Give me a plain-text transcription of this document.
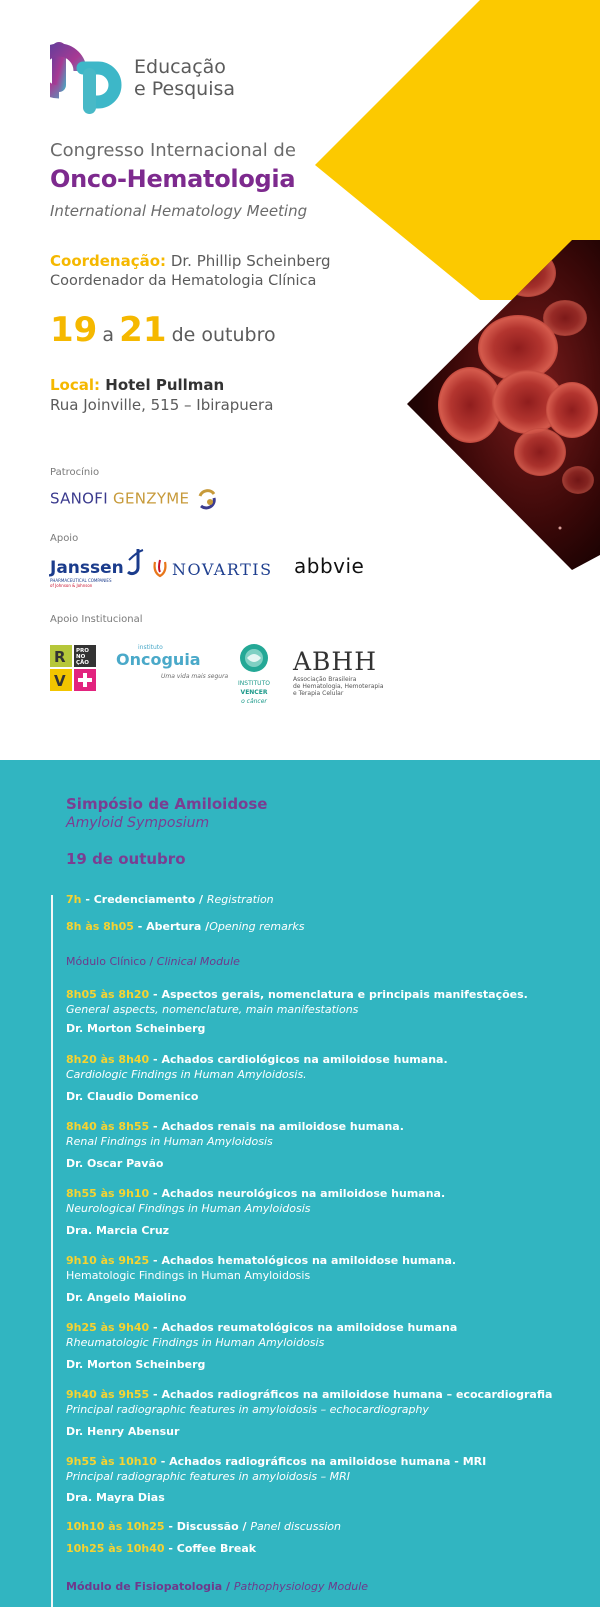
Educação
e Pesquisa
Congresso Internacional de
Onco-Hematologia
International Hematology Meeting
Coordenação: Dr. Phillip Scheinberg
Coordenador da Hematologia Clínica
19 a 21 de outubro
Local: Hotel Pullman
Rua Joinville, 515 – Ibirapuera
Patrocínio
SANOFI GENZYME
Apoio
Janssen
PHARMACEUTICAL COMPANIES
of Johnson & Johnson
NOVARTIS abbvie
Apoio Institucional
R PRO
NO
ÇÃO
V
instituto
Oncoguia
Uma vida mais segura
INSTITUTO
VENCER
o câncer
ABHH
Associação Brasileira
de Hematologia, Hemoterapia
e Terapia Celular
Simpósio de Amiloidose
Amyloid Symposium
19 de outubro
7h - Credenciamento / Registration
8h às 8h05 - Abertura /Opening remarks
Módulo Clínico / Clinical Module
8h05 às 8h20 - Aspectos gerais, nomenclatura e principais manifestações.
General aspects, nomenclature, main manifestations
Dr. Morton Scheinberg
8h20 às 8h40 - Achados cardiológicos na amiloidose humana.
Cardiologic Findings in Human Amyloidosis.
Dr. Claudio Domenico
8h40 às 8h55 - Achados renais na amiloidose humana.
Renal Findings in Human Amyloidosis
Dr. Oscar Pavão
8h55 às 9h10 - Achados neurológicos na amiloidose humana.
Neurological Findings in Human Amyloidosis
Dra. Marcia Cruz
9h10 às 9h25 - Achados hematológicos na amiloidose humana.
Hematologic Findings in Human Amyloidosis
Dr. Angelo Maiolino
9h25 às 9h40 - Achados reumatológicos na amiloidose humana
Rheumatologic Findings in Human Amyloidosis
Dr. Morton Scheinberg
9h40 às 9h55 - Achados radiográficos na amiloidose humana – ecocardiografia
Principal radiographic features in amyloidosis – echocardiography
Dr. Henry Abensur
9h55 às 10h10 - Achados radiográficos na amiloidose humana - MRI
Principal radiographic features in amyloidosis – MRI
Dra. Mayra Dias
10h10 às 10h25 - Discussão / Panel discussion
10h25 às 10h40 - Coffee Break
Módulo de Fisiopatologia / Pathophysiology Module
